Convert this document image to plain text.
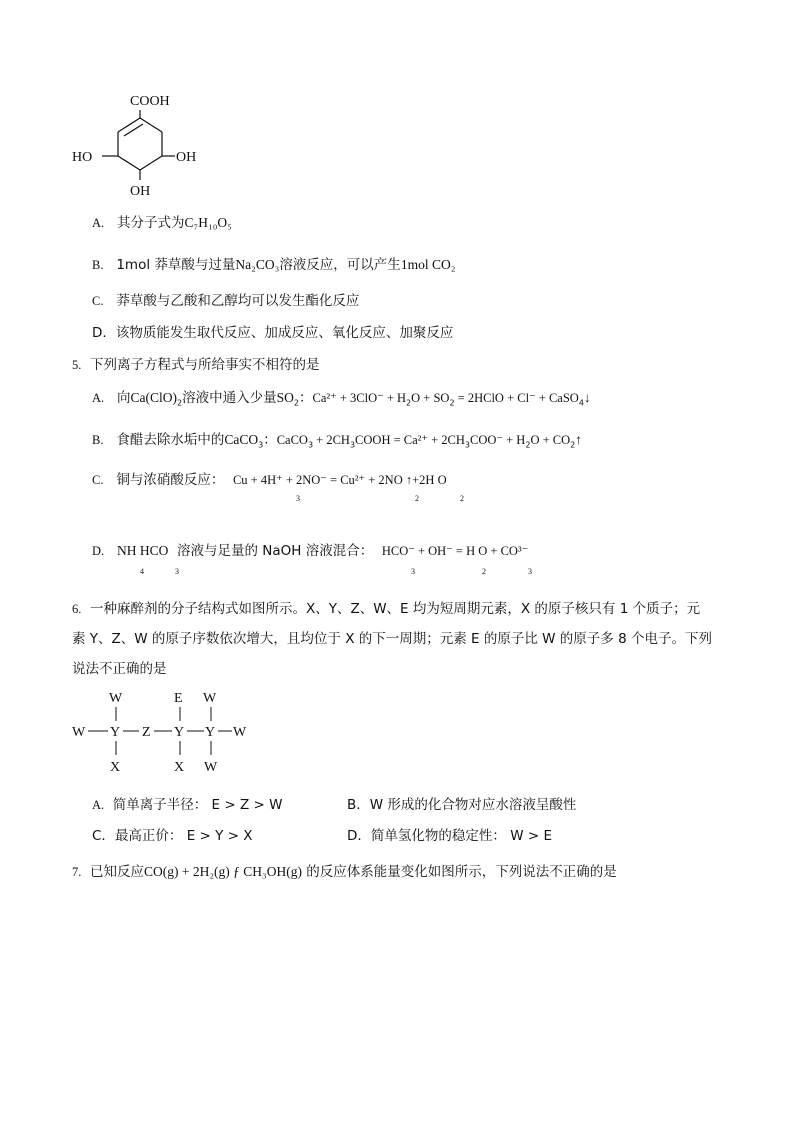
COOH
HO	OH
OH
A. 其分子式为C₇H₁₀O₅
B. 1mol 莽草酸与过量Na₂CO₃溶液反应，可以产生1mol CO₂
C. 莽草酸与乙酸和乙醇均可以发生酯化反应
D．该物质能发生取代反应、加成反应、氧化反应、加聚反应
5. 下列离子方程式与所给事实不相符的是
A. 向$Ca(ClO)_2$溶液中通入少量$SO_2$：$Ca^{2+} + 3ClO^- + H_2O + SO_2$ = 2HClO + Cl⁻ + CaSO$_4$↓
B. 食醋去除水垢中的CaCO$_3$：CaCO$_3$ + $2CH_3COOH = Ca^{2+} + 2CH_3COO^- + H_2O$ + $CO_2↑$
C. 铜与浓硝酸反应： Cu + 4H⁺ + 2NO⁻ = Cu²⁺ + 2NO ↑+2H O
3	2	2
D. NH HCO 溶液与足量的 NaOH 溶液混合： HCO⁻ + OH⁻ = H O + CO³⁻
4	3	3	2	3
6. 一种麻醉剂的分子结构式如图所示。X、Y、Z、W、E 均为短周期元素，X 的原子核只有 1 个质子；元
素 Y、Z、W 的原子序数依次增大，且均位于 X 的下一周期；元素 E 的原子比 W 的原子多 8 个电子。下列
说法不正确的是
W	E W
W Y Z Y Y W
X	X W
A. 简单离子半径： E > Z > W	B．W 形成的化合物对应水溶液呈酸性
C．最高正价： E > Y > X	D．简单氢化物的稳定性： W > E
7. 已知反应CO(g) + 2H₂(g) ƒ CH₃OH(g) 的反应体系能量变化如图所示，下列说法不正确的是
